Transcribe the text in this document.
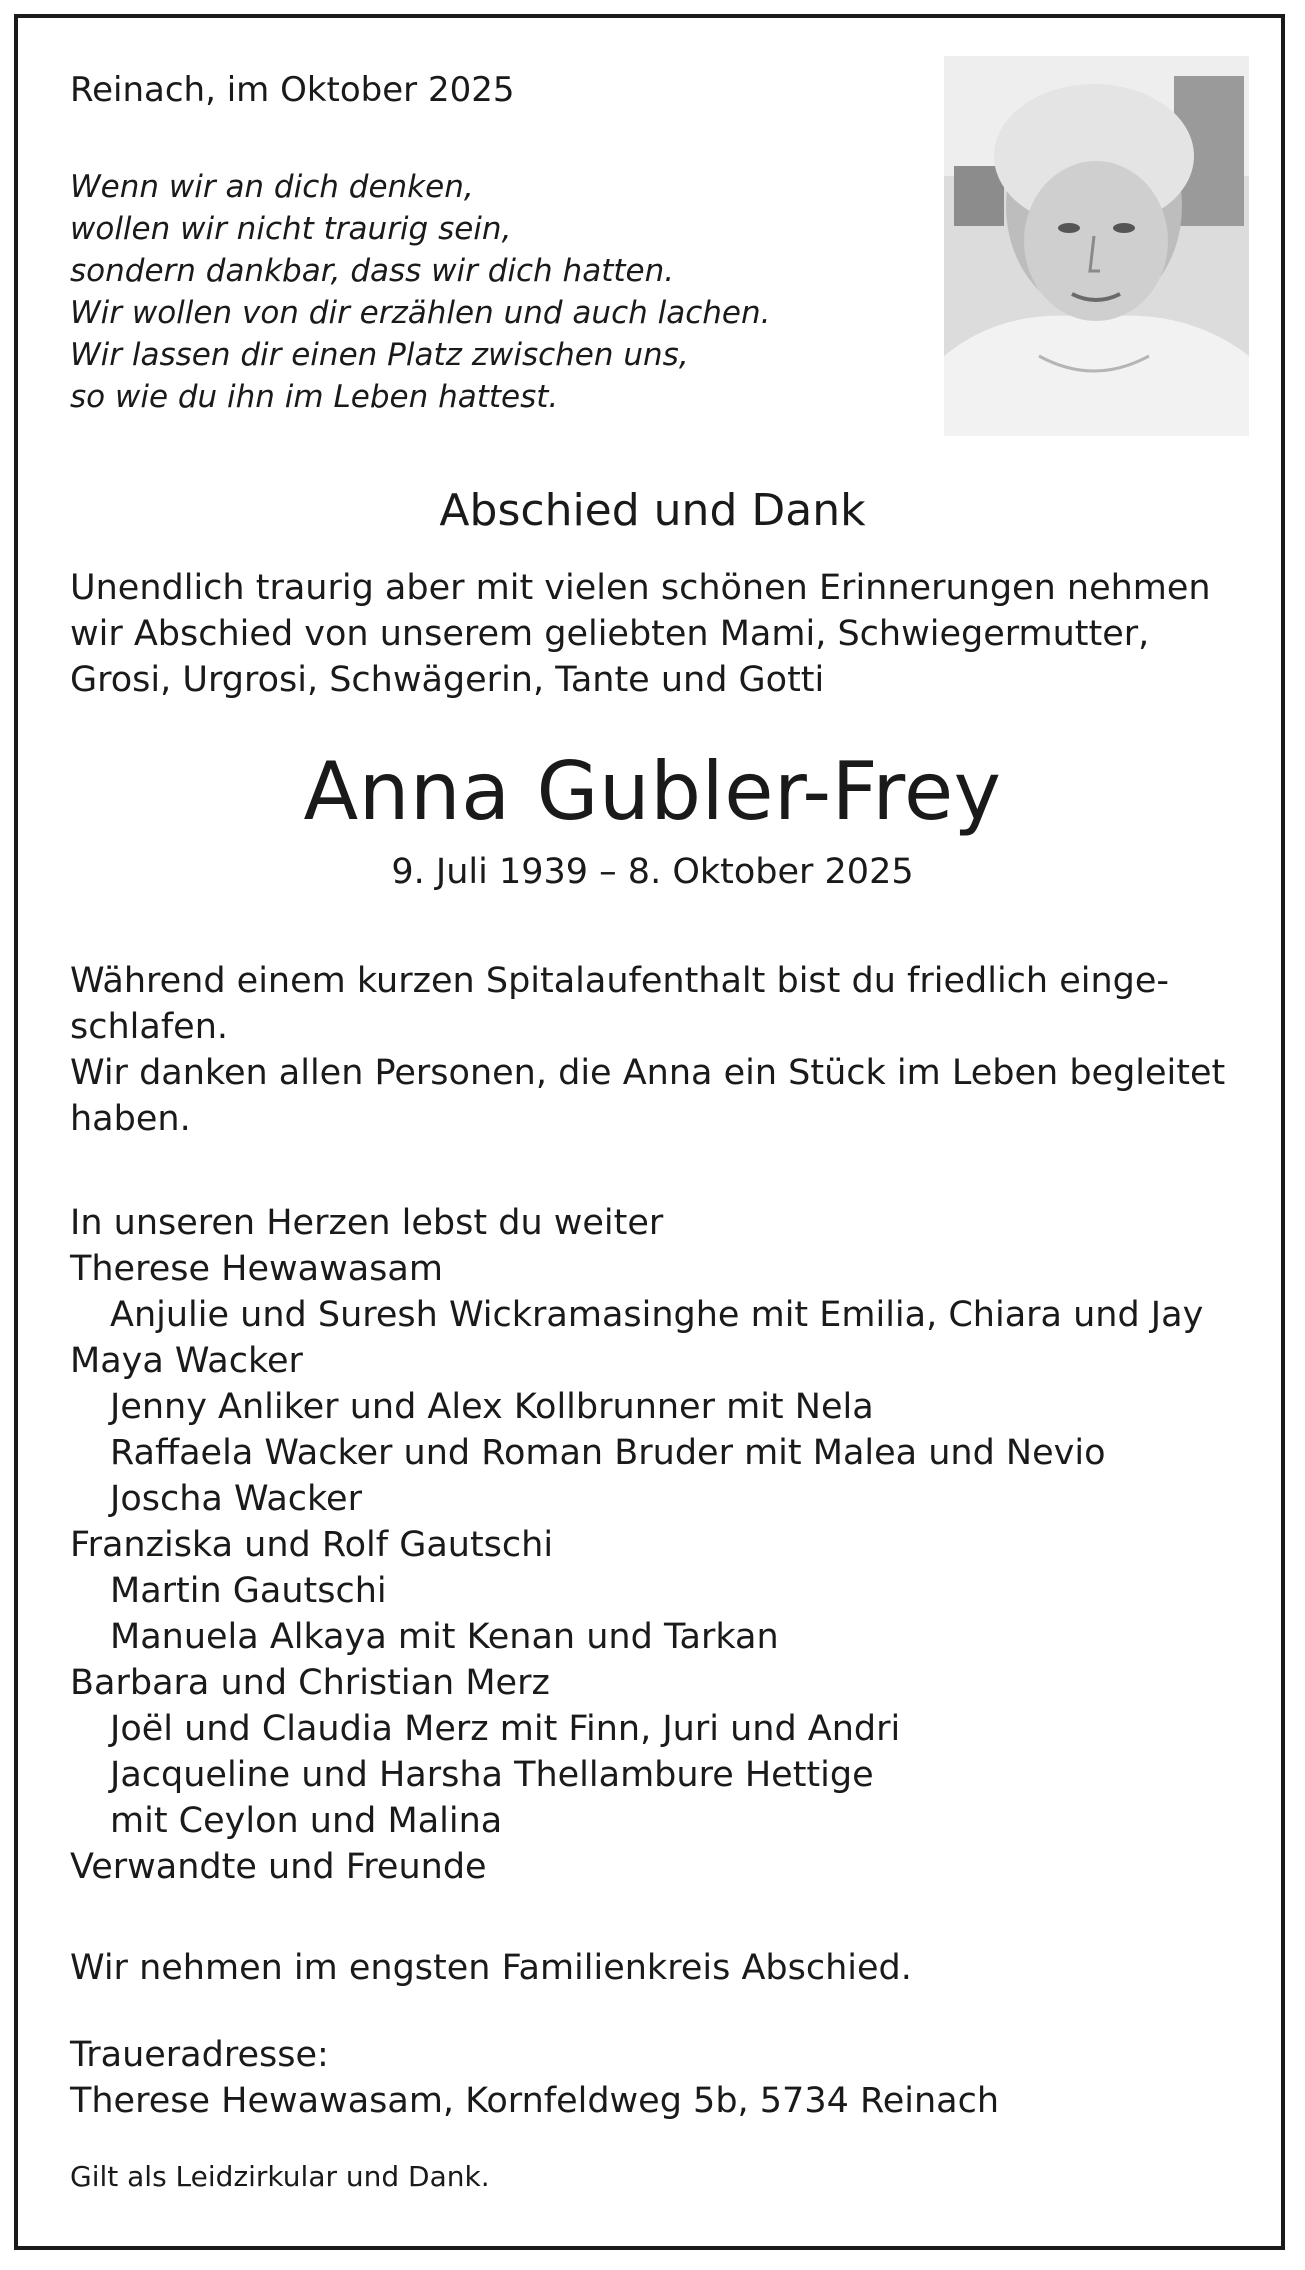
Reinach, im Oktober 2025
Wenn wir an dich denken,
wollen wir nicht traurig sein,
sondern dankbar, dass wir dich hatten.
Wir wollen von dir erzählen und auch lachen.
Wir lassen dir einen Platz zwischen uns,
so wie du ihn im Leben hattest.
Abschied und Dank
Unendlich traurig aber mit vielen schönen Erinnerungen nehmen
wir Abschied von unserem geliebten Mami, Schwiegermutter,
Grosi, Urgrosi, Schwägerin, Tante und Gotti
Anna Gubler-Frey
9. Juli 1939 – 8. Oktober 2025
Während einem kurzen Spitalaufenthalt bist du friedlich einge-
schlafen.
Wir danken allen Personen, die Anna ein Stück im Leben begleitet
haben.
In unseren Herzen lebst du weiter
Therese Hewawasam
Anjulie und Suresh Wickramasinghe mit Emilia, Chiara und Jay
Maya Wacker
Jenny Anliker und Alex Kollbrunner mit Nela
Raffaela Wacker und Roman Bruder mit Malea und Nevio
Joscha Wacker
Franziska und Rolf Gautschi
Martin Gautschi
Manuela Alkaya mit Kenan und Tarkan
Barbara und Christian Merz
Joël und Claudia Merz mit Finn, Juri und Andri
Jacqueline und Harsha Thellambure Hettige
mit Ceylon und Malina
Verwandte und Freunde
Wir nehmen im engsten Familienkreis Abschied.
Traueradresse:
Therese Hewawasam, Kornfeldweg 5b, 5734 Reinach
Gilt als Leidzirkular und Dank.
